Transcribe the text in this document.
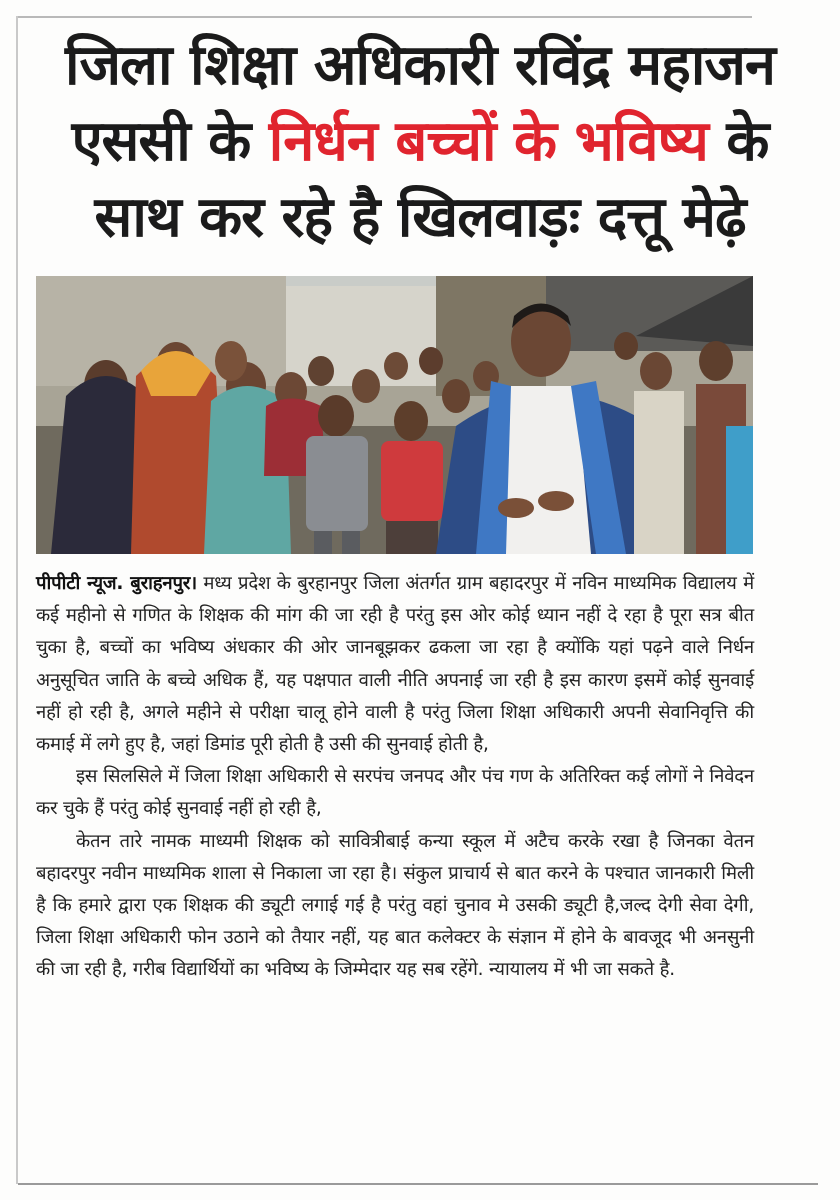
जिला शिक्षा अधिकारी रविंद्र महाजन
एससी के निर्धन बच्चों के भविष्य के
साथ कर रहे है खिलवाड़ः दत्तू मेढ़े

पीपीटी न्यूज. बुराहनपुर। मध्य प्रदेश के बुरहानपुर जिला अंतर्गत ग्राम बहादरपुर में नविन माध्यमिक विद्यालय में कई महीनो से गणित के शिक्षक की मांग की जा रही है परंतु इस ओर कोई ध्यान नहीं दे रहा है पूरा सत्र बीत चुका है, बच्चों का भविष्य अंधकार की ओर जानबूझकर ढकला जा रहा है क्योंकि यहां पढ़ने वाले निर्धन अनुसूचित जाति के बच्चे अधिक हैं, यह पक्षपात वाली नीति अपनाई जा रही है इस कारण इसमें कोई सुनवाई नहीं हो रही है, अगले महीने से परीक्षा चालू होने वाली है परंतु जिला शिक्षा अधिकारी अपनी सेवानिवृत्ति की कमाई में लगे हुए है, जहां डिमांड पूरी होती है उसी की सुनवाई होती है,

इस सिलसिले में जिला शिक्षा अधिकारी से सरपंच जनपद और पंच गण के अतिरिक्त कई लोगों ने निवेदन कर चुके हैं परंतु कोई सुनवाई नहीं हो रही है,

केतन तारे नामक माध्यमी शिक्षक को सावित्रीबाई कन्या स्कूल में अटैच करके रखा है जिनका वेतन बहादरपुर नवीन माध्यमिक शाला से निकाला जा रहा है। संकुल प्राचार्य से बात करने के पश्चात जानकारी मिली है कि हमारे द्वारा एक शिक्षक की ड्यूटी लगाई गई है परंतु वहां चुनाव मे उसकी ड्यूटी है,जल्द देगी सेवा देगी, जिला शिक्षा अधिकारी फोन उठाने को तैयार नहीं, यह बात कलेक्टर के संज्ञान में होने के बावजूद भी अनसुनी की जा रही है, गरीब विद्यार्थियों का भविष्य के जिम्मेदार यह सब रहेंगे. न्यायालय में भी जा सकते है.
